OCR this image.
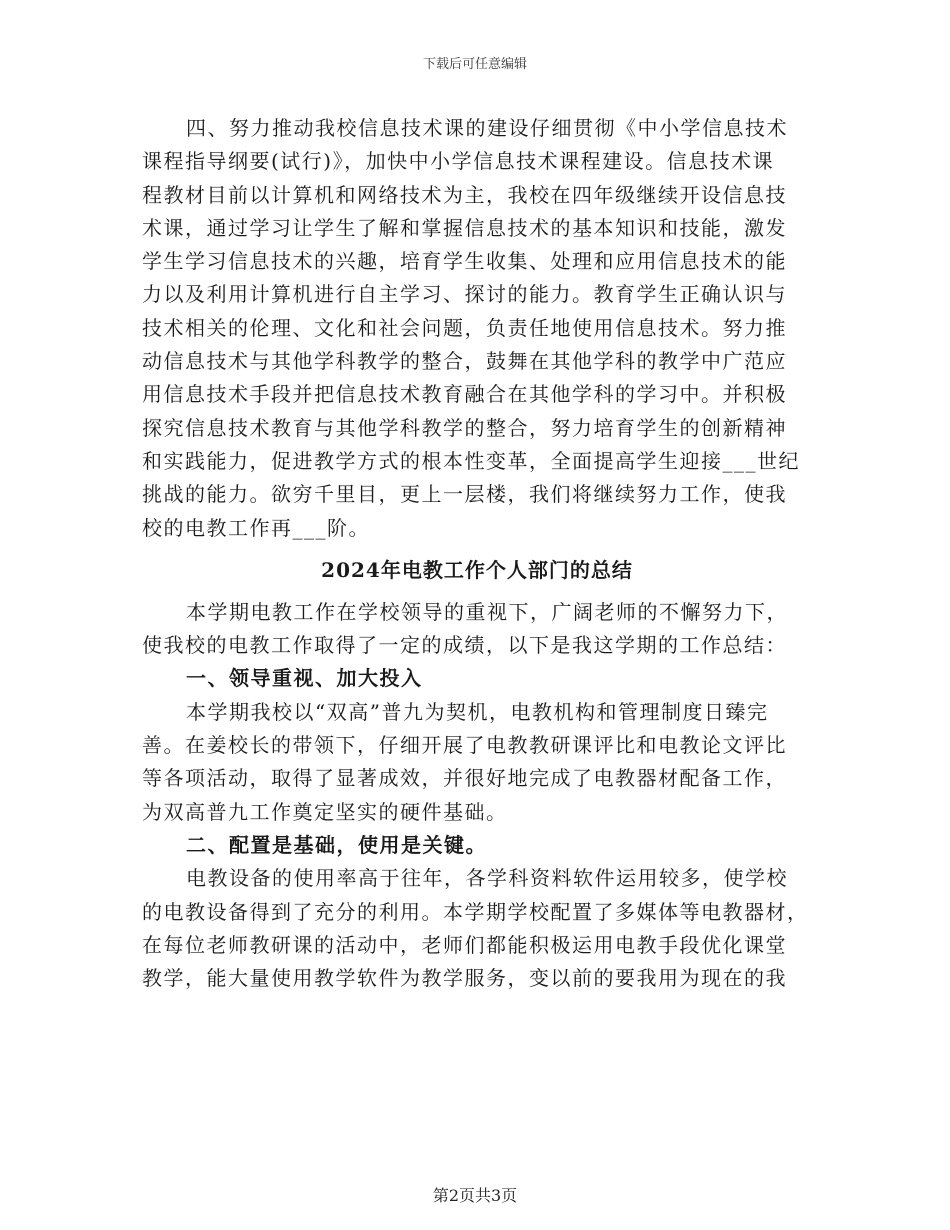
下载后可任意编辑
四、努力推动我校信息技术课的建设仔细贯彻《中小学信息技术
课程指导纲要(试行)》，加快中小学信息技术课程建设。信息技术课
程教材目前以计算机和网络技术为主，我校在四年级继续开设信息技
术课，通过学习让学生了解和掌握信息技术的基本知识和技能，激发
学生学习信息技术的兴趣，培育学生收集、处理和应用信息技术的能
力以及利用计算机进行自主学习、探讨的能力。教育学生正确认识与
技术相关的伦理、文化和社会问题，负责任地使用信息技术。努力推
动信息技术与其他学科教学的整合，鼓舞在其他学科的教学中广范应
用信息技术手段并把信息技术教育融合在其他学科的学习中。并积极
探究信息技术教育与其他学科教学的整合，努力培育学生的创新精神
和实践能力，促进教学方式的根本性变革，全面提高学生迎接___世纪
挑战的能力。欲穷千里目，更上一层楼，我们将继续努力工作，使我
校的电教工作再___阶。
2024年电教工作个人部门的总结
本学期电教工作在学校领导的重视下，广阔老师的不懈努力下，
使我校的电教工作取得了一定的成绩，以下是我这学期的工作总结：
一、领导重视、加大投入
本学期我校以“双高”普九为契机，电教机构和管理制度日臻完
善。在姜校长的带领下，仔细开展了电教教研课评比和电教论文评比
等各项活动，取得了显著成效，并很好地完成了电教器材配备工作，
为双高普九工作奠定坚实的硬件基础。
二、配置是基础，使用是关键。
电教设备的使用率高于往年，各学科资料软件运用较多，使学校
的电教设备得到了充分的利用。本学期学校配置了多媒体等电教器材，
在每位老师教研课的活动中，老师们都能积极运用电教手段优化课堂
教学，能大量使用教学软件为教学服务，变以前的要我用为现在的我
第2页共3页
